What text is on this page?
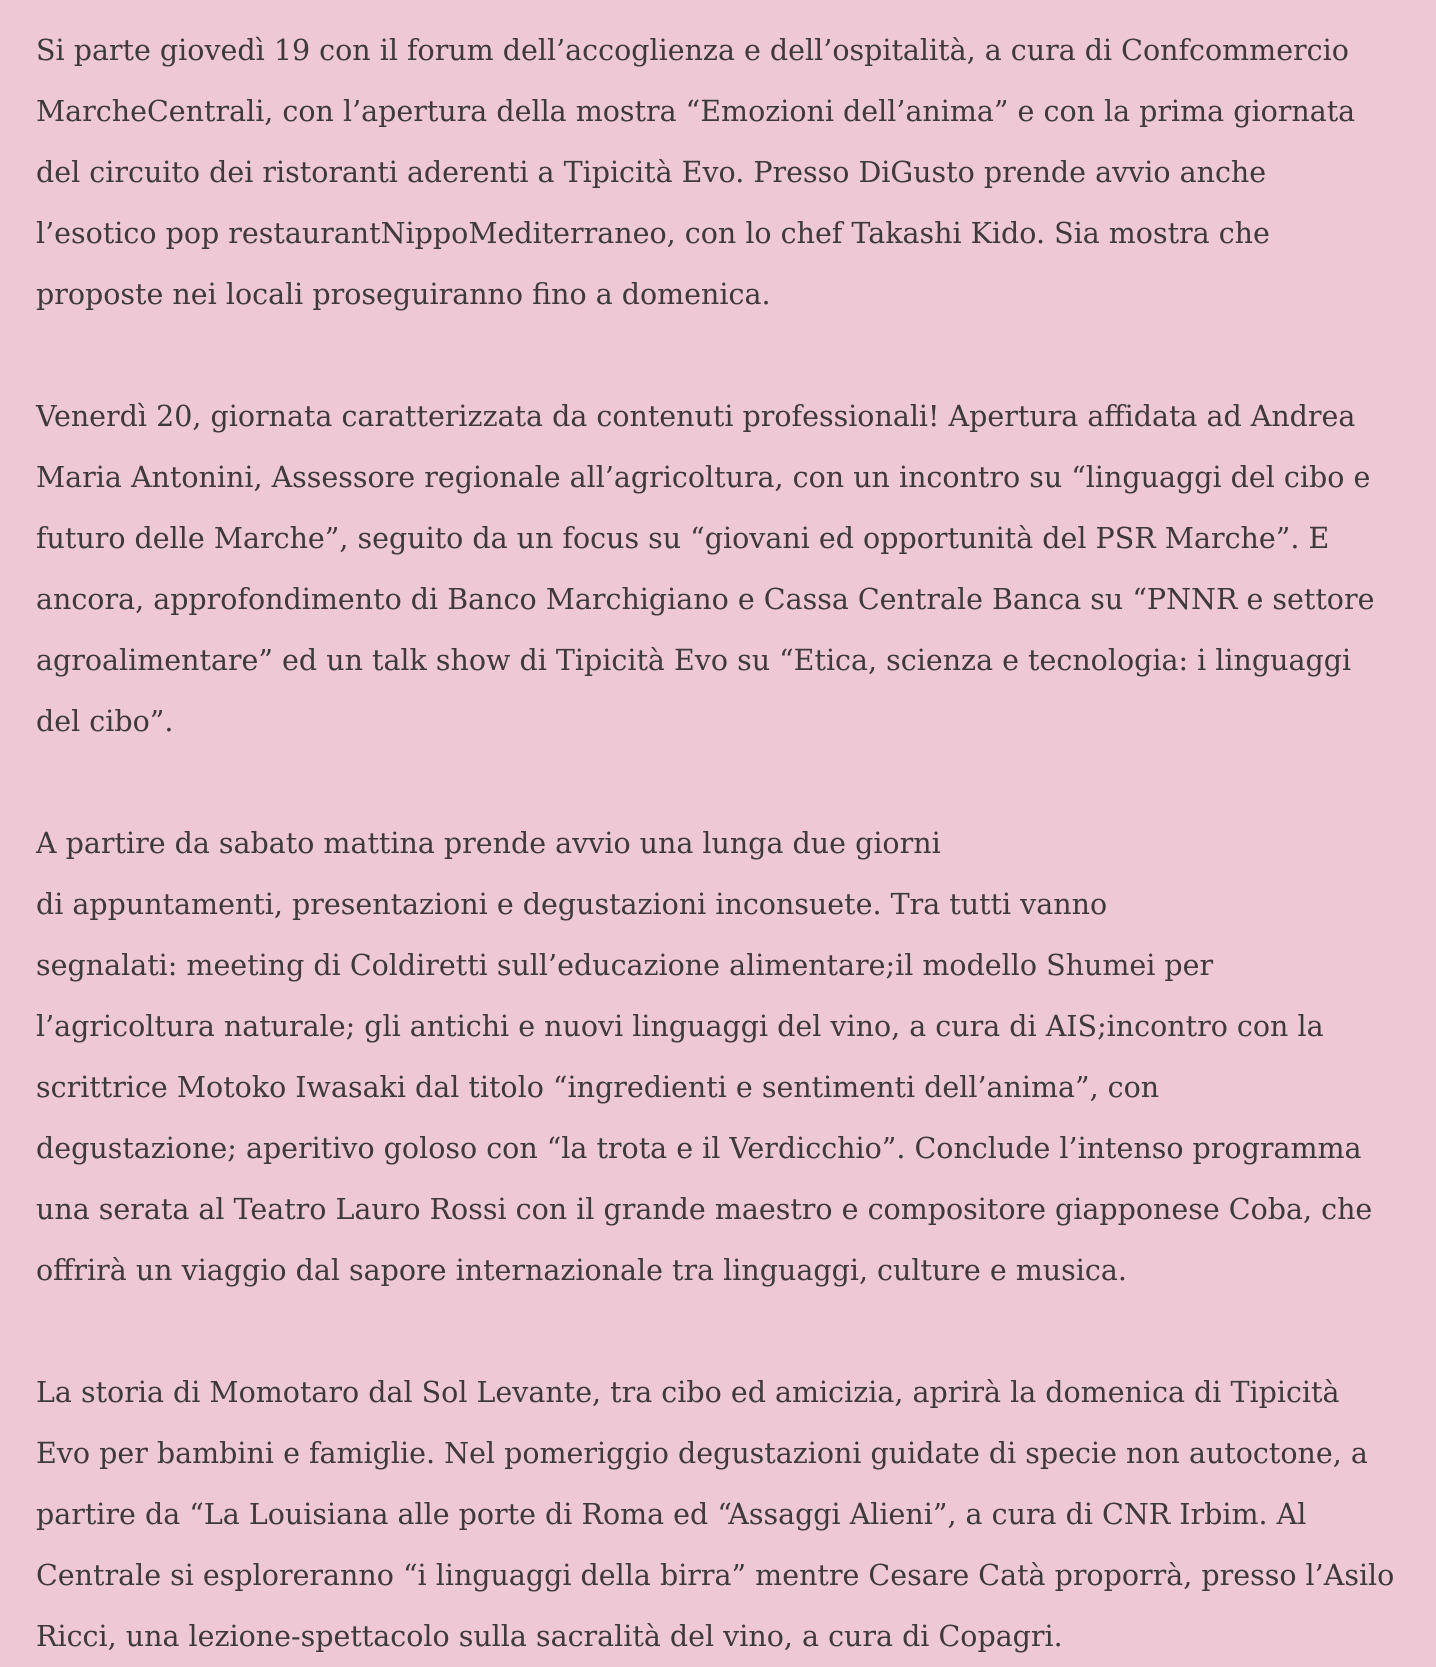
Si parte giovedì 19 con il forum dell’accoglienza e dell’ospitalità, a cura di Confcommercio
MarcheCentrali, con l’apertura della mostra “Emozioni dell’anima” e con la prima giornata
del circuito dei ristoranti aderenti a Tipicità Evo. Presso DiGusto prende avvio anche
l’esotico pop restaurantNippoMediterraneo, con lo chef Takashi Kido. Sia mostra che
proposte nei locali proseguiranno fino a domenica.

Venerdì 20, giornata caratterizzata da contenuti professionali! Apertura affidata ad Andrea
Maria Antonini, Assessore regionale all’agricoltura, con un incontro su “linguaggi del cibo e
futuro delle Marche”, seguito da un focus su “giovani ed opportunità del PSR Marche”. E
ancora, approfondimento di Banco Marchigiano e Cassa Centrale Banca su “PNNR e settore
agroalimentare” ed un talk show di Tipicità Evo su “Etica, scienza e tecnologia: i linguaggi
del cibo”.

A partire da sabato mattina prende avvio una lunga due giorni
di appuntamenti, presentazioni e degustazioni inconsuete. Tra tutti vanno
segnalati: meeting di Coldiretti sull’educazione alimentare;il modello Shumei per
l’agricoltura naturale; gli antichi e nuovi linguaggi del vino, a cura di AIS;incontro con la
scrittrice Motoko Iwasaki dal titolo “ingredienti e sentimenti dell’anima”, con
degustazione; aperitivo goloso con “la trota e il Verdicchio”. Conclude l’intenso programma
una serata al Teatro Lauro Rossi con il grande maestro e compositore giapponese Coba, che
offrirà un viaggio dal sapore internazionale tra linguaggi, culture e musica.

La storia di Momotaro dal Sol Levante, tra cibo ed amicizia, aprirà la domenica di Tipicità
Evo per bambini e famiglie. Nel pomeriggio degustazioni guidate di specie non autoctone, a
partire da “La Louisiana alle porte di Roma ed “Assaggi Alieni”, a cura di CNR Irbim. Al
Centrale si esploreranno “i linguaggi della birra” mentre Cesare Catà proporrà, presso l’Asilo
Ricci, una lezione-spettacolo sulla sacralità del vino, a cura di Copagri.
